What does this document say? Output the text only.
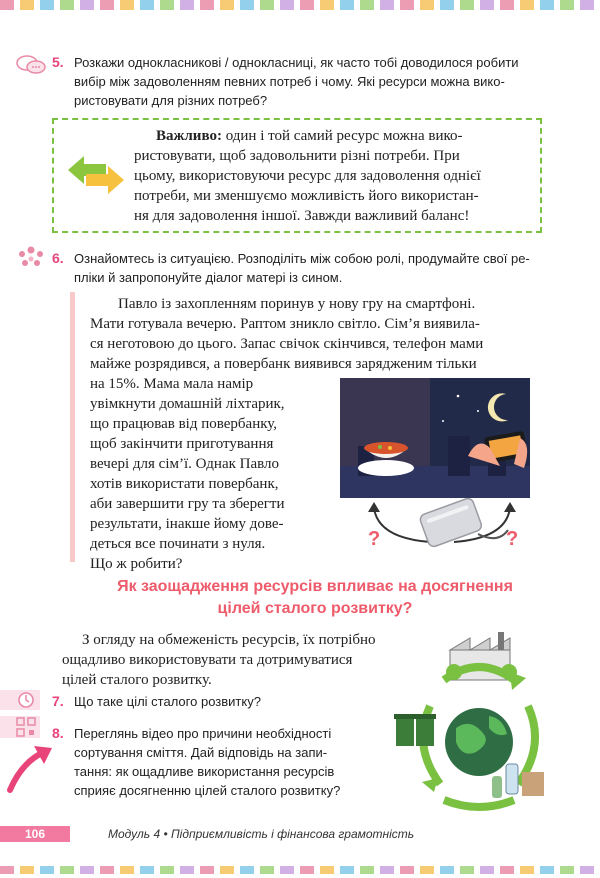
5. Розкажи однокласникові / однокласниці, як часто тобі доводилося робити
вибір між задоволенням певних потреб і чому. Які ресурси можна вико-
ристовувати для різних потреб?
Важливо: один і той самий ресурс можна вико-
ристовувати, щоб задовольнити різні потреби. При
цьому, використовуючи ресурс для задоволення однієї
потреби, ми зменшуємо можливість його використан-
ня для задоволення іншої. Завжди важливий баланс!
6. Ознайомтесь із ситуацією. Розподіліть між собою ролі, продумайте свої ре-
пліки й запропонуйте діалог матері із сином.
Павло із захопленням поринув у нову гру на смартфоні.
Мати готувала вечерю. Раптом зникло світло. Сім’я виявила-
ся неготовою до цього. Запас свічок скінчився, телефон мами
майже розрядився, а повербанк виявився зарядженим тільки
на 15%. Мама мала намір
увімкнути домашній ліхтарик,
що працював від повербанку,
щоб закінчити приготування
вечері для сім’ї. Однак Павло
хотів використати повербанк,
аби завершити гру та зберегти
результати, інакше йому дове-
деться все починати з нуля.
Що ж робити?
?	?
Як заощадження ресурсів впливає на досягнення
цілей сталого розвитку?
З огляду на обмеженість ресурсів, їх потрібно
ощадливо використовувати та дотримуватися
цілей сталого розвитку.
7. Що таке цілі сталого розвитку?
8. Переглянь відео про причини необхідності
сортування сміття. Дай відповідь на запи-
тання: як ощадливе використання ресурсів
сприяє досягненню цілей сталого розвитку?
106	Модуль 4 • Підприємливість і фінансова грамотність
